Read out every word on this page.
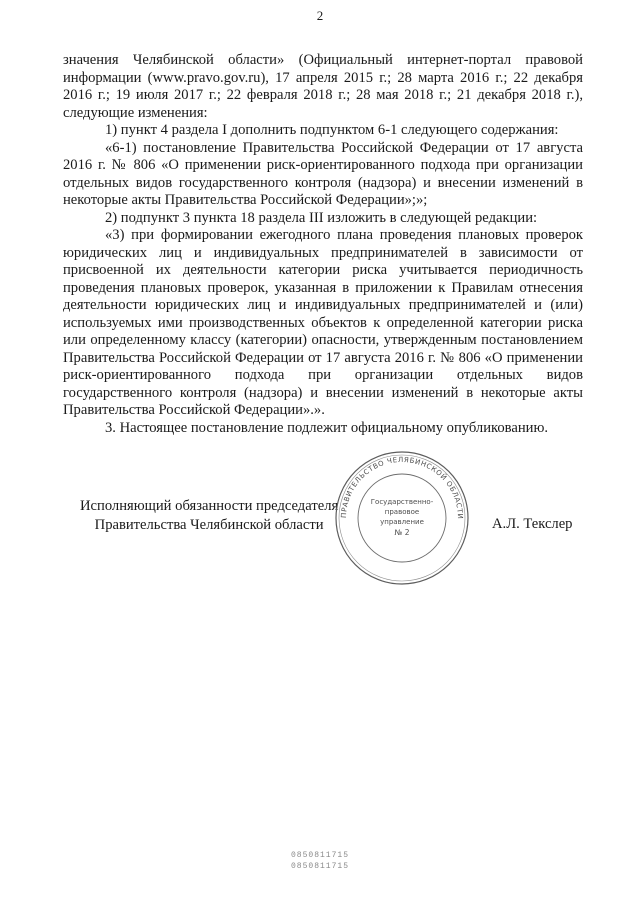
2

значения Челябинской области» (Официальный интернет-портал правовой информации (www.pravo.gov.ru), 17 апреля 2015 г.; 28 марта 2016 г.; 22 декабря 2016 г.; 19 июля 2017 г.; 22 февраля 2018 г.; 28 мая 2018 г.; 21 декабря 2018 г.), следующие изменения:

1) пункт 4 раздела I дополнить подпунктом 6-1 следующего содержания:

«6-1) постановление Правительства Российской Федерации от 17 августа 2016 г. № 806 «О применении риск-ориентированного подхода при организации отдельных видов государственного контроля (надзора) и внесении изменений в некоторые акты Правительства Российской Федерации»;»;

2) подпункт 3 пункта 18 раздела III изложить в следующей редакции:

«3) при формировании ежегодного плана проведения плановых проверок юридических лиц и индивидуальных предпринимателей в зависимости от присвоенной их деятельности категории риска учитывается периодичность проведения плановых проверок, указанная в приложении к Правилам отнесения деятельности юридических лиц и индивидуальных предпринимателей и (или) используемых ими производственных объектов к определенной категории риска или определенному классу (категории) опасности, утвержденным постановлением Правительства Российской Федерации от 17 августа 2016 г. № 806 «О применении риск-ориентированного подхода при организации отдельных видов государственного контроля (надзора) и внесении изменений в некоторые акты Правительства Российской Федерации».».

3. Настоящее постановление подлежит официальному опубликованию.

Исполняющий обязанности председателя
Правительства Челябинской области
ПРАВИТЕЛЬСТВО ЧЕЛЯБИНСКОЙ ОБЛАСТИ
Государственно-
правовое
управление
№ 2
А.Л. Текслер
0850811715
0850811715
